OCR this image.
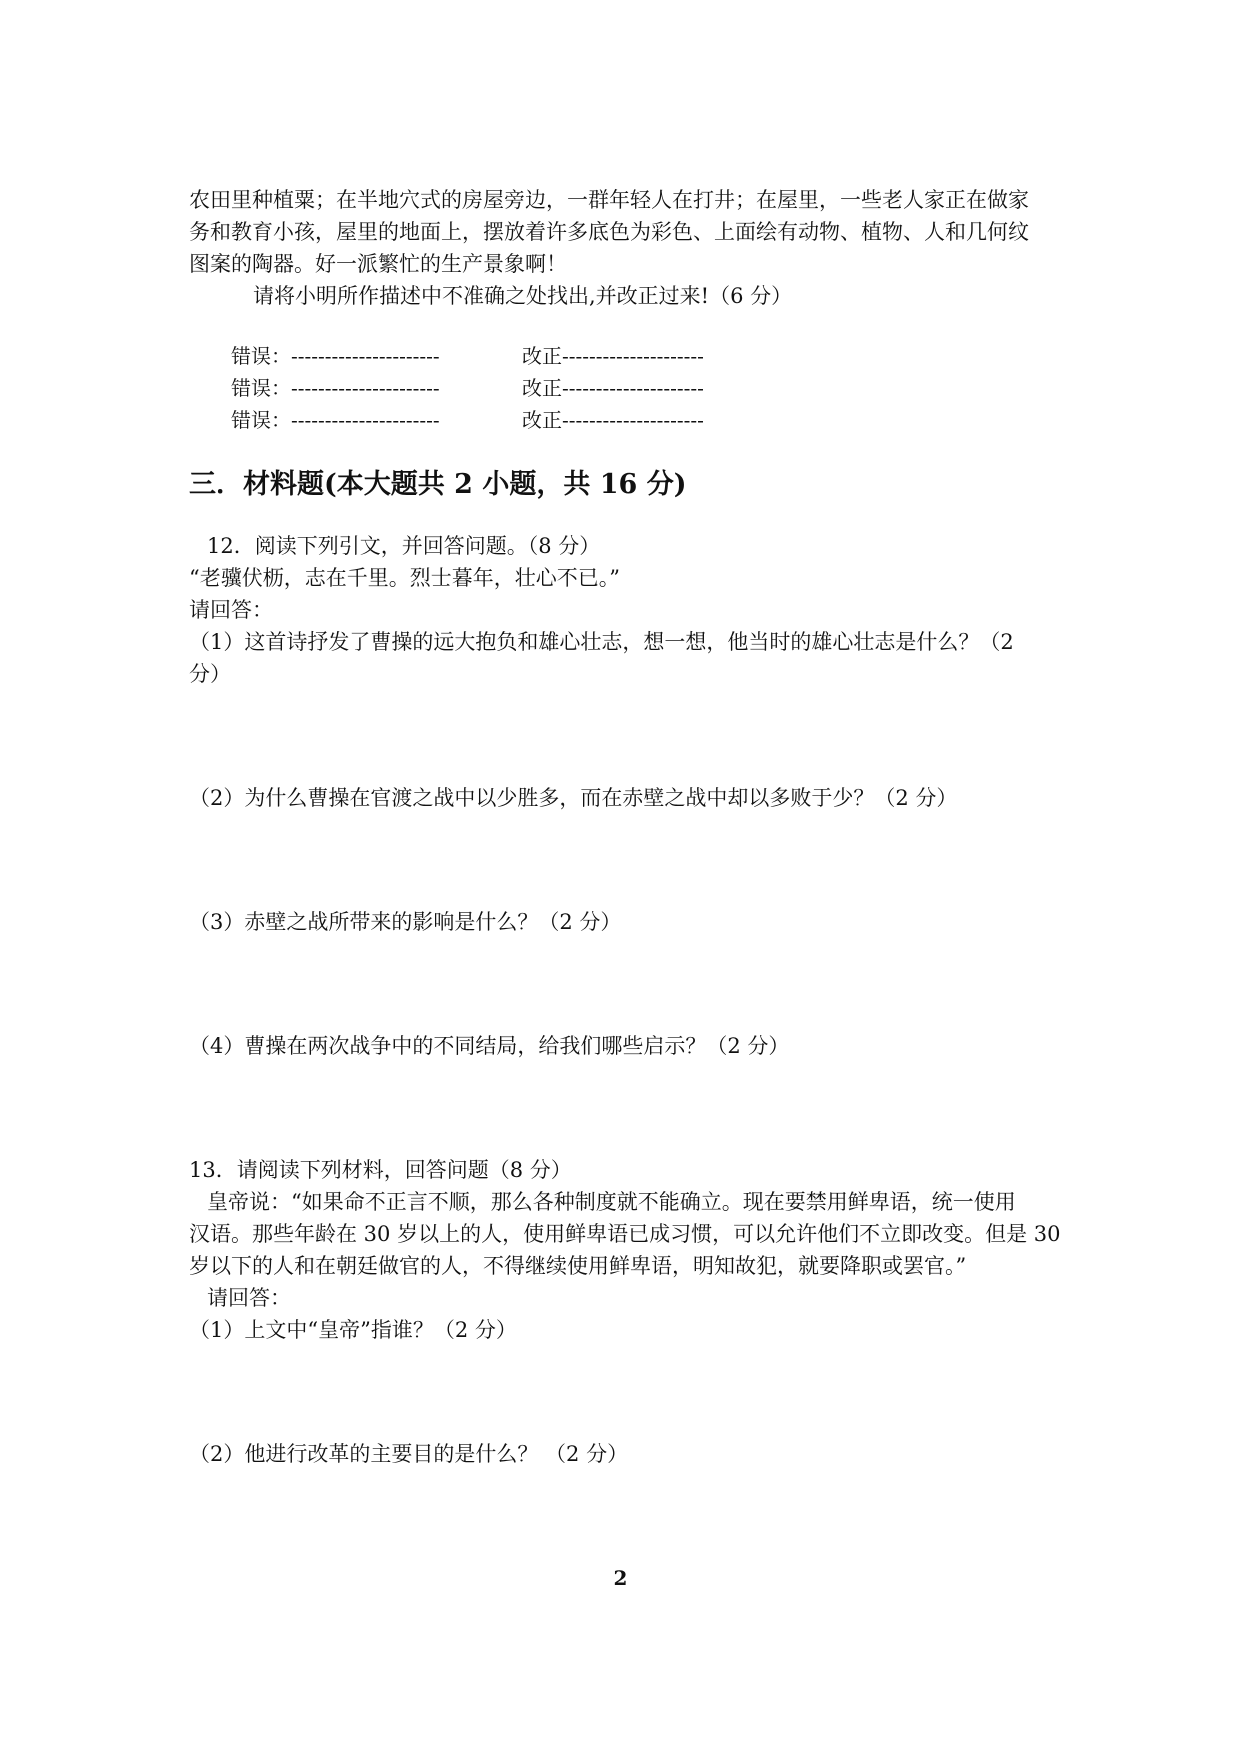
农田里种植粟；在半地穴式的房屋旁边，一群年轻人在打井；在屋里，一些老人家正在做家
务和教育小孩，屋里的地面上，摆放着许多底色为彩色、上面绘有动物、植物、人和几何纹
图案的陶器。好一派繁忙的生产景象啊！
请将小明所作描述中不准确之处找出,并改正过来!（6 分）
错误：----------------------	改正---------------------
错误：----------------------	改正---------------------
错误：----------------------	改正---------------------
三．材料题(本大题共 2 小题，共 16 分)
12．阅读下列引文，并回答问题。（8 分）
“老骥伏枥，志在千里。烈士暮年，壮心不已。”
请回答：
（1）这首诗抒发了曹操的远大抱负和雄心壮志，想一想，他当时的雄心壮志是什么？（2
分）
（2）为什么曹操在官渡之战中以少胜多，而在赤壁之战中却以多败于少？（2 分）
（3）赤壁之战所带来的影响是什么？（2 分）
（4）曹操在两次战争中的不同结局，给我们哪些启示？（2 分）
13．请阅读下列材料，回答问题（8 分）
皇帝说：“如果命不正言不顺，那么各种制度就不能确立。现在要禁用鲜卑语，统一使用
汉语。那些年龄在 30 岁以上的人，使用鲜卑语已成习惯，可以允许他们不立即改变。但是 30
岁以下的人和在朝廷做官的人，不得继续使用鲜卑语，明知故犯，就要降职或罢官。”
请回答：
（1）上文中“皇帝”指谁？（2 分）
（2）他进行改革的主要目的是什么？ （2 分）
2
